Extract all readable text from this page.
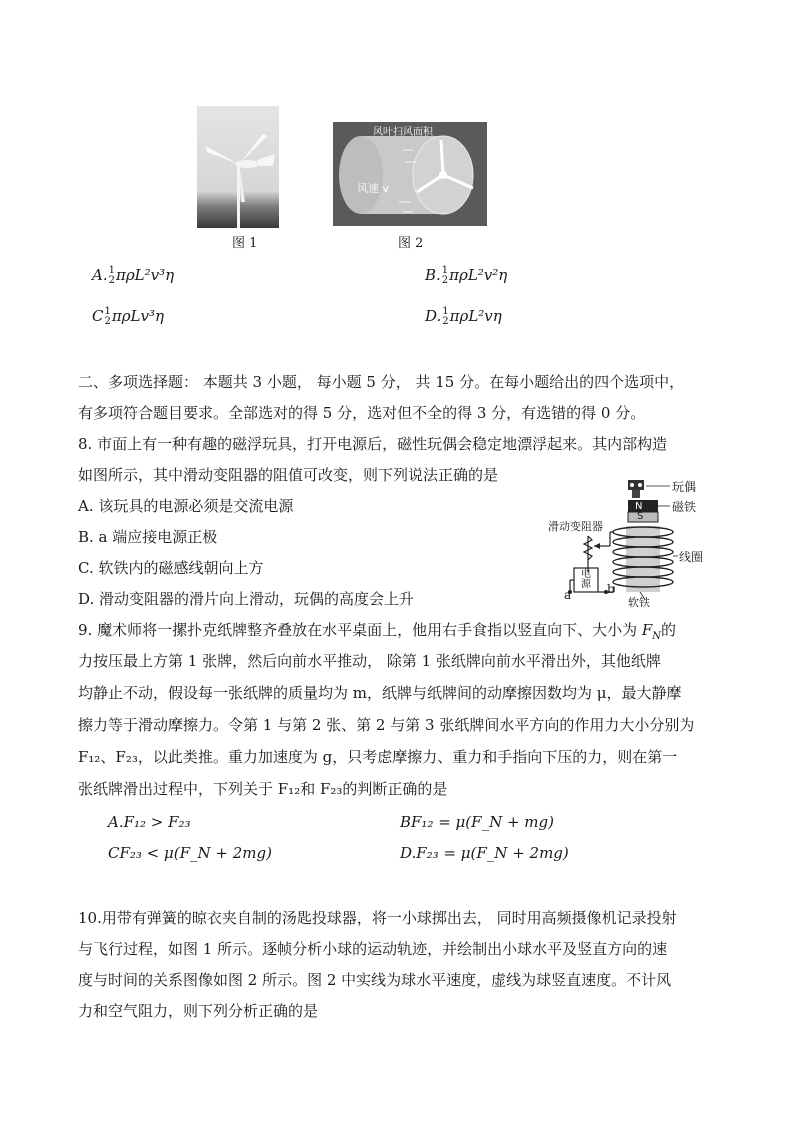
图 1
风叶扫风面积
风速 v
图 2
A. 1
2 πρL²v³η	B. 1
2 πρL²v²η
C 1
2 πρLv³η	D. 1
2 πρL²vη
二、多项选择题： 本题共 3 小题， 每小题 5 分， 共 15 分。在每小题给出的四个选项中，
有多项符合题目要求。全部选对的得 5 分，选对但不全的得 3 分，有选错的得 0 分。
8. 市面上有一种有趣的磁浮玩具，打开电源后，磁性玩偶会稳定地漂浮起来。其内部构造
如图所示，其中滑动变阻器的阻值可改变，则下列说法正确的是
A. 该玩具的电源必须是交流电源
B. a 端应接电源正极
C. 软铁内的磁感线朝向上方
D. 滑动变阻器的滑片向上滑动，玩偶的高度会上升
N
S
玩偶
磁铁
滑动变阻器
线圈
电源
a	b
软铁
9. 魔术师将一摞扑克纸牌整齐叠放在水平桌面上，他用右手食指以竖直向下、大小为 $F_N$的
力按压最上方第 1 张牌，然后向前水平推动， 除第 1 张纸牌向前水平滑出外，其他纸牌
均静止不动，假设每一张纸牌的质量均为 m，纸牌与纸牌间的动摩擦因数均为 μ，最大静摩
擦力等于滑动摩擦力。令第 1 与第 2 张、第 2 与第 3 张纸牌间水平方向的作用力大小分别为
F₁₂、F₂₃，以此类推。重力加速度为 g，只考虑摩擦力、重力和手指向下压的力，则在第一
张纸牌滑出过程中，下列关于 F₁₂和 F₂₃的判断正确的是
A.F₁₂ > F₂₃	BF₁₂ = μ(F_N + mg)
CF₂₃ < μ(F_N + 2mg)	D.F₂₃ = μ(F_N + 2mg)
10.用带有弹簧的晾衣夹自制的汤匙投球器，将一小球掷出去， 同时用高频摄像机记录投射
与飞行过程，如图 1 所示。逐帧分析小球的运动轨迹，并绘制出小球水平及竖直方向的速
度与时间的关系图像如图 2 所示。图 2 中实线为球水平速度，虚线为球竖直速度。不计风
力和空气阻力，则下列分析正确的是
